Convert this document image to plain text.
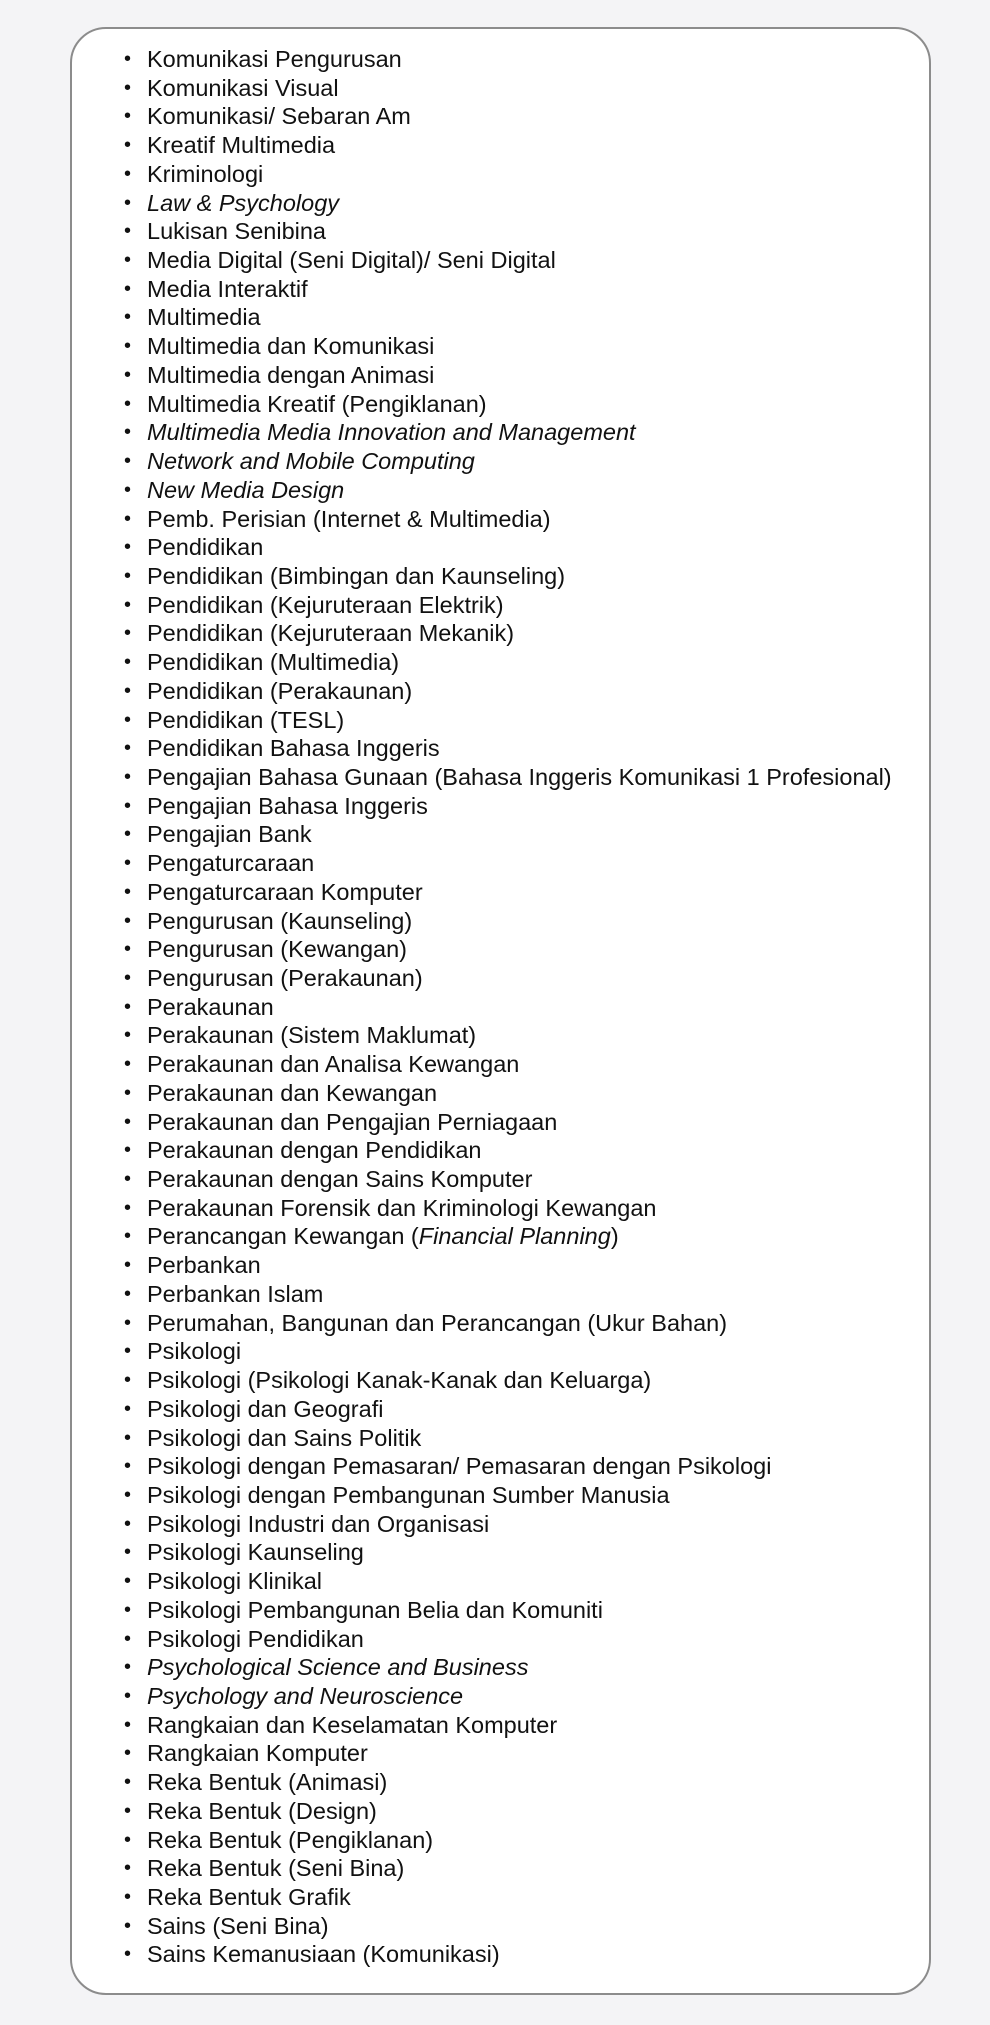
• Komunikasi Pengurusan
• Komunikasi Visual
• Komunikasi/ Sebaran Am
• Kreatif Multimedia
• Kriminologi
• Law & Psychology
• Lukisan Senibina
• Media Digital (Seni Digital)/ Seni Digital
• Media Interaktif
• Multimedia
• Multimedia dan Komunikasi
• Multimedia dengan Animasi
• Multimedia Kreatif (Pengiklanan)
• Multimedia Media Innovation and Management
• Network and Mobile Computing
• New Media Design
• Pemb. Perisian (Internet & Multimedia)
• Pendidikan
• Pendidikan (Bimbingan dan Kaunseling)
• Pendidikan (Kejuruteraan Elektrik)
• Pendidikan (Kejuruteraan Mekanik)
• Pendidikan (Multimedia)
• Pendidikan (Perakaunan)
• Pendidikan (TESL)
• Pendidikan Bahasa Inggeris
• Pengajian Bahasa Gunaan (Bahasa Inggeris Komunikasi 1 Profesional)
• Pengajian Bahasa Inggeris
• Pengajian Bank
• Pengaturcaraan
• Pengaturcaraan Komputer
• Pengurusan (Kaunseling)
• Pengurusan (Kewangan)
• Pengurusan (Perakaunan)
• Perakaunan
• Perakaunan (Sistem Maklumat)
• Perakaunan dan Analisa Kewangan
• Perakaunan dan Kewangan
• Perakaunan dan Pengajian Perniagaan
• Perakaunan dengan Pendidikan
• Perakaunan dengan Sains Komputer
• Perakaunan Forensik dan Kriminologi Kewangan
• Perancangan Kewangan (Financial Planning)
• Perbankan
• Perbankan Islam
• Perumahan, Bangunan dan Perancangan (Ukur Bahan)
• Psikologi
• Psikologi (Psikologi Kanak-Kanak dan Keluarga)
• Psikologi dan Geografi
• Psikologi dan Sains Politik
• Psikologi dengan Pemasaran/ Pemasaran dengan Psikologi
• Psikologi dengan Pembangunan Sumber Manusia
• Psikologi Industri dan Organisasi
• Psikologi Kaunseling
• Psikologi Klinikal
• Psikologi Pembangunan Belia dan Komuniti
• Psikologi Pendidikan
• Psychological Science and Business
• Psychology and Neuroscience
• Rangkaian dan Keselamatan Komputer
• Rangkaian Komputer
• Reka Bentuk (Animasi)
• Reka Bentuk (Design)
• Reka Bentuk (Pengiklanan)
• Reka Bentuk (Seni Bina)
• Reka Bentuk Grafik
• Sains (Seni Bina)
• Sains Kemanusiaan (Komunikasi)
